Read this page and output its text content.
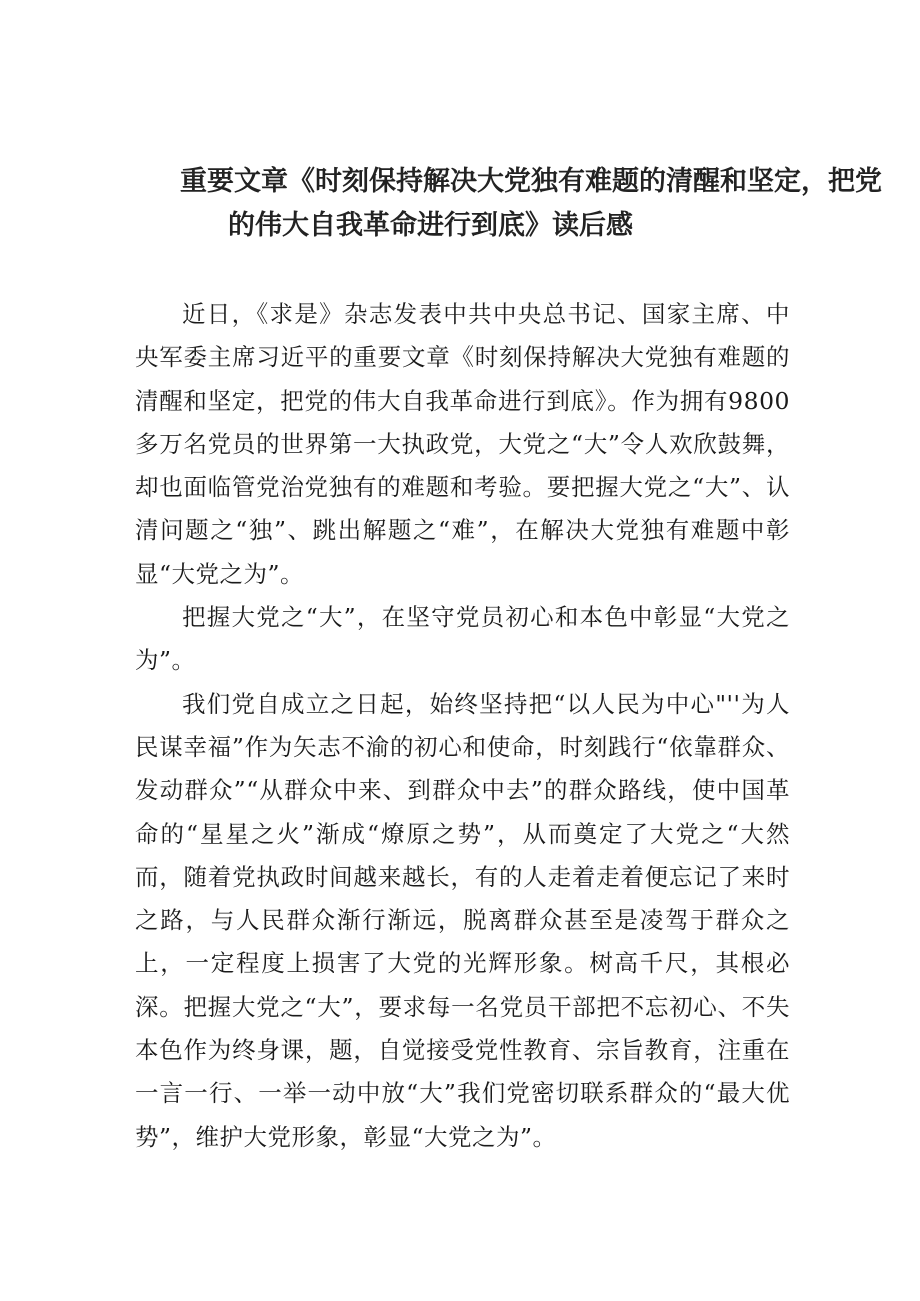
重要文章《时刻保持解决大党独有难题的清醒和坚定，把党
的伟大自我革命进行到底》读后感

近日，《求是》杂志发表中共中央总书记、国家主席、中央军委主席习近平的重要文章《时刻保持解决大党独有难题的清醒和坚定，把党的伟大自我革命进行到底》。作为拥有9800多万名党员的世界第一大执政党，大党之“大”令人欢欣鼓舞，却也面临管党治党独有的难题和考验。要把握大党之“大”、认清问题之“独”、跳出解题之“难”，在解决大党独有难题中彰显“大党之为”。

把握大党之“大”，在坚守党员初心和本色中彰显“大党之为”。

我们党自成立之日起，始终坚持把“以人民为中心"''为人民谋幸福”作为矢志不渝的初心和使命，时刻践行“依靠群众、发动群众”“从群众中来、到群众中去”的群众路线，使中国革命的“星星之火”渐成“燎原之势”，从而奠定了大党之“大然而，随着党执政时间越来越长，有的人走着走着便忘记了来时之路，与人民群众渐行渐远，脱离群众甚至是凌驾于群众之上，一定程度上损害了大党的光辉形象。树高千尺，其根必深。把握大党之“大”，要求每一名党员干部把不忘初心、不失本色作为终身课，题，自觉接受党性教育、宗旨教育，注重在一言一行、一举一动中放“大”我们党密切联系群众的“最大优势”，维护大党形象，彰显“大党之为”。
